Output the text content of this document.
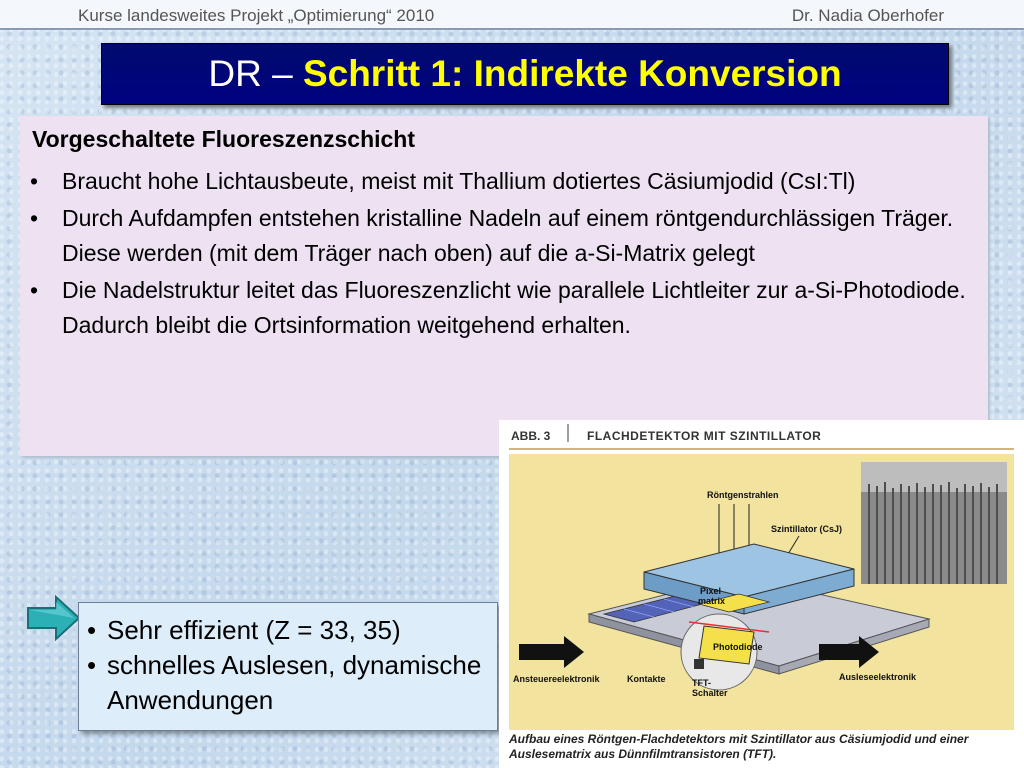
Kurse landesweites Projekt „Optimierung“ 2010	Dr. Nadia Oberhofer
DR – Schritt 1: Indirekte Konversion
Vorgeschaltete Fluoreszenzschicht
• Braucht hohe Lichtausbeute, meist mit Thallium dotiertes Cäsiumjodid (CsI:Tl)
• Durch Aufdampfen entstehen kristalline Nadeln auf einem röntgendurchlässigen Träger. Diese werden (mit dem Träger nach oben) auf die a-Si-Matrix gelegt
• Die Nadelstruktur leitet das Fluoreszenzlicht wie parallele Lichtleiter zur a-Si-Photodiode. Dadurch bleibt die Ortsinformation weitgehend erhalten.
• Sehr effizient (Z = 33, 35)
• schnelles Auslesen, dynamische Anwendungen
ABB. 3	FLACHDETEKTOR MIT SZINTILLATOR
Röntgenstrahlen
Szintillator (CsJ)
Pixel
matrix
Photodiode
TFT-
Schalter
Ansteuereelektronik	Kontakte	Ausleseelektronik
Aufbau eines Röntgen-Flachdetektors mit Szintillator aus Cäsiumjodid und einer Auslesematrix aus Dünnfilmtransistoren (TFT).
